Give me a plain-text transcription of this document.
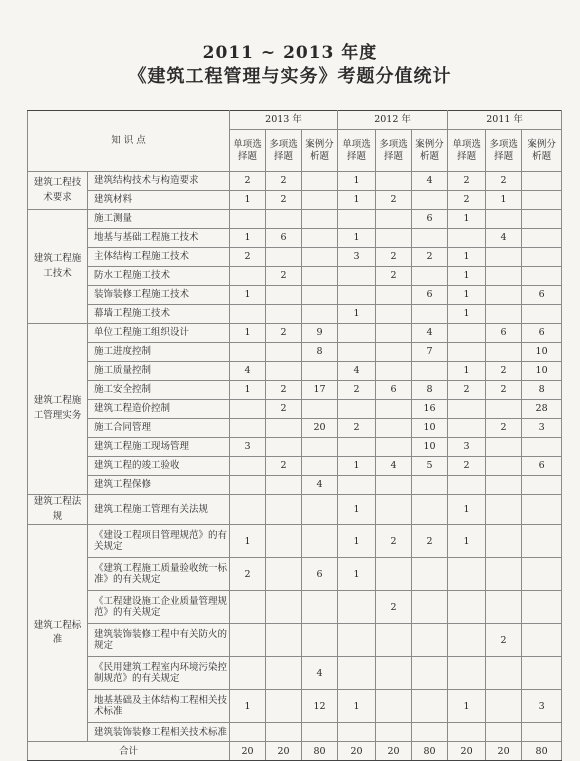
2011 ~ 2013 年度
《建筑工程管理与实务》考题分值统计
知 识 点		2013 年			2012 年			2011 年		
		单项选择题	多项选择题	案例分析题	单项选择题	多项选择题	案例分析题	单项选择题	多项选择题	案例分析题
建筑工程技术要求	建筑结构技术与构造要求	2	2		1		4	2	2	
	建筑材料	1	2		1	2		2	1	
建筑工程施工技术	施工测量						6	1		
	地基与基础工程施工技术	1	6		1				4	
	主体结构工程施工技术	2			3	2	2	1		
	防水工程施工技术		2			2		1		
	装饰装修工程施工技术	1					6	1		6
	幕墙工程施工技术				1			1		
建筑工程施工管理实务	单位工程施工组织设计	1	2	9			4		6	6
	施工进度控制			8			7			10
	施工质量控制	4			4			1	2	10
	施工安全控制	1	2	17	2	6	8	2	2	8
	建筑工程造价控制		2				16			28
	施工合同管理			20	2		10		2	3
	建筑工程施工现场管理	3					10	3		
	建筑工程的竣工验收		2		1	4	5	2		6
	建筑工程保修			4						
建筑工程法规	建筑工程施工管理有关法规				1			1		
建筑工程标准	《建设工程项目管理规范》的有关规定	1			1	2	2	1		
	《建筑工程施工质量验收统一标准》的有关规定	2		6	1					
	《工程建设施工企业质量管理规范》的有关规定					2				
	建筑装饰装修工程中有关防火的规定								2	
	《民用建筑工程室内环境污染控制规范》的有关规定			4						
	地基基础及主体结构工程相关技术标准	1		12	1			1		3
	建筑装饰装修工程相关技术标准									
合计		20	20	80	20	20	80	20	20	80
